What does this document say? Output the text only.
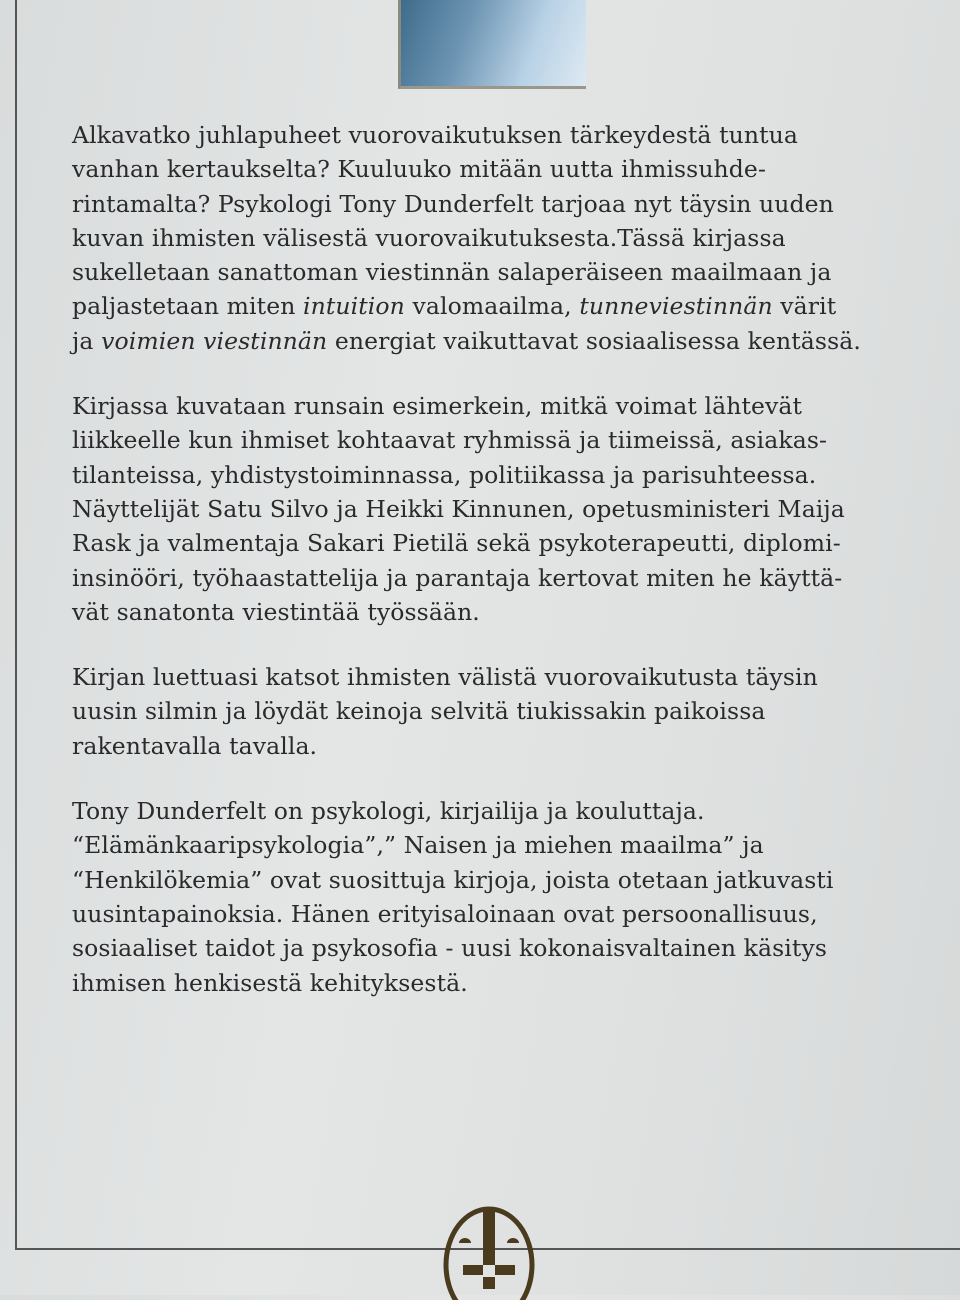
Alkavatko juhlapuheet vuorovaikutuksen tärkeydestä tuntua
vanhan kertaukselta? Kuuluuko mitään uutta ihmissuhde-
rintamalta? Psykologi Tony Dunderfelt tarjoaa nyt täysin uuden
kuvan ihmisten välisestä vuorovaikutuksesta.Tässä kirjassa
sukelletaan sanattoman viestinnän salaperäiseen maailmaan ja
paljastetaan miten intuition valomaailma, tunneviestinnän värit
ja voimien viestinnän energiat vaikuttavat sosiaalisessa kentässä.
Kirjassa kuvataan runsain esimerkein, mitkä voimat lähtevät
liikkeelle kun ihmiset kohtaavat ryhmissä ja tiimeissä, asiakas-
tilanteissa, yhdistystoiminnassa, politiikassa ja parisuhteessa.
Näyttelijät Satu Silvo ja Heikki Kinnunen, opetusministeri Maija
Rask ja valmentaja Sakari Pietilä sekä psykoterapeutti, diplomi-
insinööri, työhaastattelija ja parantaja kertovat miten he käyttä-
vät sanatonta viestintää työssään.
Kirjan luettuasi katsot ihmisten välistä vuorovaikutusta täysin
uusin silmin ja löydät keinoja selvitä tiukissakin paikoissa
rakentavalla tavalla.
Tony Dunderfelt on psykologi, kirjailija ja kouluttaja.
“Elämänkaaripsykologia”,” Naisen ja miehen maailma” ja
“Henkilökemia” ovat suosittuja kirjoja, joista otetaan jatkuvasti
uusintapainoksia. Hänen erityisaloinaan ovat persoonallisuus,
sosiaaliset taidot ja psykosofia - uusi kokonaisvaltainen käsitys
ihmisen henkisestä kehityksestä.
